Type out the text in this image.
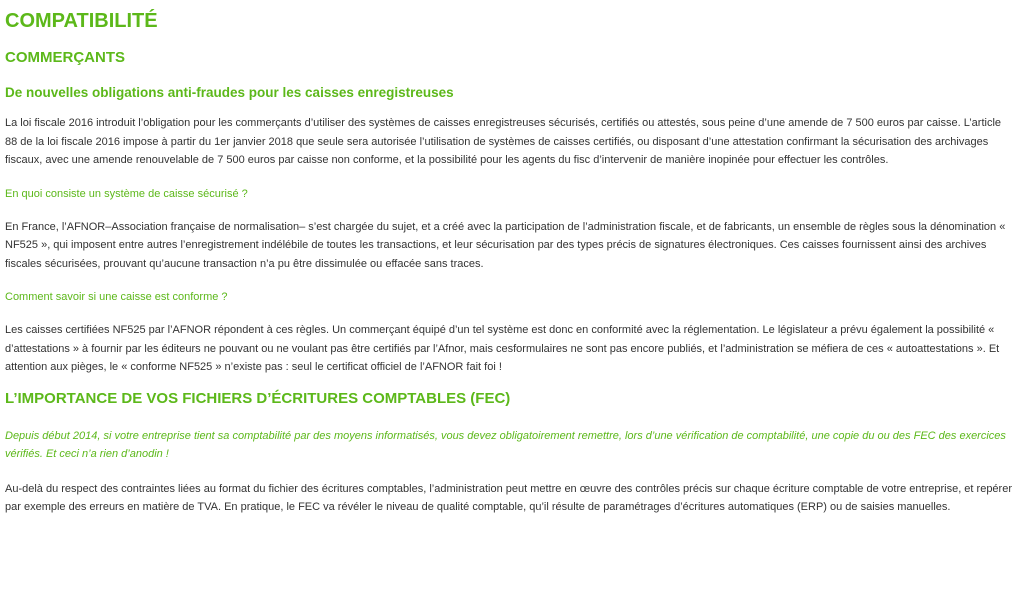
COMPATIBILITÉ
COMMERÇANTS
De nouvelles obligations anti-fraudes pour les caisses enregistreuses

La loi fiscale 2016 introduit l’obligation pour les commerçants d’utiliser des systèmes de caisses enregistreuses sécurisés, certifiés ou attestés, sous peine d’une amende de 7 500 euros par caisse. L’article 88 de la loi fiscale 2016 impose à partir du 1er janvier 2018 que seule sera autorisée l’utilisation de systèmes de caisses certifiés, ou disposant d’une attestation confirmant la sécurisation des archivages fiscaux, avec une amende renouvelable de 7 500 euros par caisse non conforme, et la possibilité pour les agents du fisc d’intervenir de manière inopinée pour effectuer les contrôles.

En quoi consiste un système de caisse sécurisé ?

En France, l’AFNOR–Association française de normalisation– s’est chargée du sujet, et a créé avec la participation de l’administration fiscale, et de fabricants, un ensemble de règles sous la dénomination « NF525 », qui imposent entre autres l’enregistrement indélébile de toutes les transactions, et leur sécurisation par des types précis de signatures électroniques. Ces caisses fournissent ainsi des archives fiscales sécurisées, prouvant qu’aucune transaction n’a pu être dissimulée ou effacée sans traces.

Comment savoir si une caisse est conforme ?

Les caisses certifiées NF525 par l’AFNOR répondent à ces règles. Un commerçant équipé d’un tel système est donc en conformité avec la réglementation. Le législateur a prévu également la possibilité « d’attestations » à fournir par les éditeurs ne pouvant ou ne voulant pas être certifiés par l’Afnor, mais cesformulaires ne sont pas encore publiés, et l’administration se méfiera de ces « autoattestations ». Et attention aux pièges, le « conforme NF525 » n’existe pas : seul le certificat officiel de l’AFNOR fait foi !

L’IMPORTANCE DE VOS FICHIERS D’ÉCRITURES COMPTABLES (FEC)

Depuis début 2014, si votre entreprise tient sa comptabilité par des moyens informatisés, vous devez obligatoirement remettre, lors d’une vérification de comptabilité, une copie du ou des FEC des exercices vérifiés. Et ceci n’a rien d’anodin !

Au-delà du respect des contraintes liées au format du fichier des écritures comptables, l’administration peut mettre en œuvre des contrôles précis sur chaque écriture comptable de votre entreprise, et repérer par exemple des erreurs en matière de TVA. En pratique, le FEC va révéler le niveau de qualité comptable, qu’il résulte de paramétrages d’écritures automatiques (ERP) ou de saisies manuelles.
